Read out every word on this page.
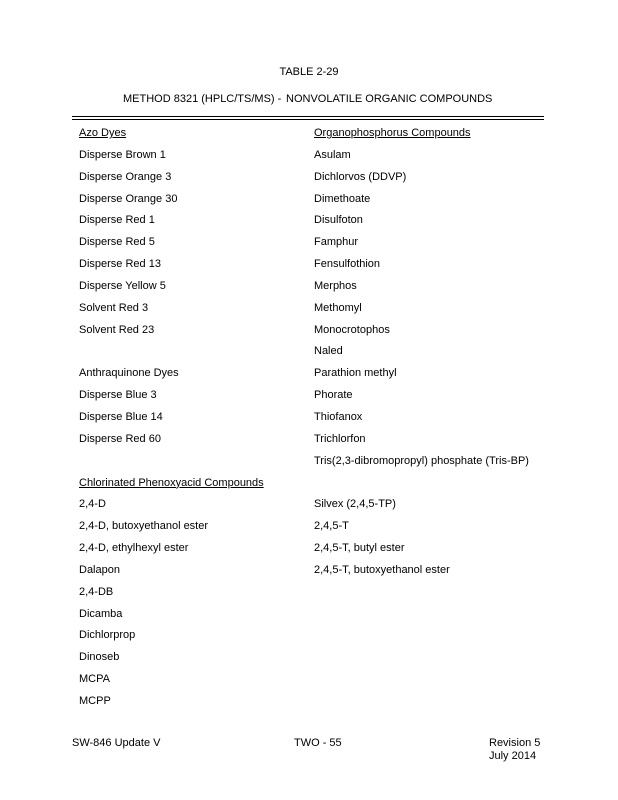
TABLE 2-29
METHOD 8321 (HPLC/TS/MS) - NONVOLATILE ORGANIC COMPOUNDS
Azo Dyes
Disperse Brown 1
Disperse Orange 3
Disperse Orange 30
Disperse Red 1
Disperse Red 5
Disperse Red 13
Disperse Yellow 5
Solvent Red 3
Solvent Red 23
Anthraquinone Dyes
Disperse Blue 3
Disperse Blue 14
Disperse Red 60
Chlorinated Phenoxyacid Compounds
2,4-D
2,4-D, butoxyethanol ester
2,4-D, ethylhexyl ester
Dalapon
2,4-DB
Dicamba
Dichlorprop
Dinoseb
MCPA
MCPP
Organophosphorus Compounds
Asulam
Dichlorvos (DDVP)
Dimethoate
Disulfoton
Famphur
Fensulfothion
Merphos
Methomyl
Monocrotophos
Naled
Parathion methyl
Phorate
Thiofanox
Trichlorfon
Tris(2,3-dibromopropyl) phosphate (Tris-BP)
Silvex (2,4,5-TP)
2,4,5-T
2,4,5-T, butyl ester
2,4,5-T, butoxyethanol ester
SW-846 Update V	TWO - 55	Revision 5
July 2014
